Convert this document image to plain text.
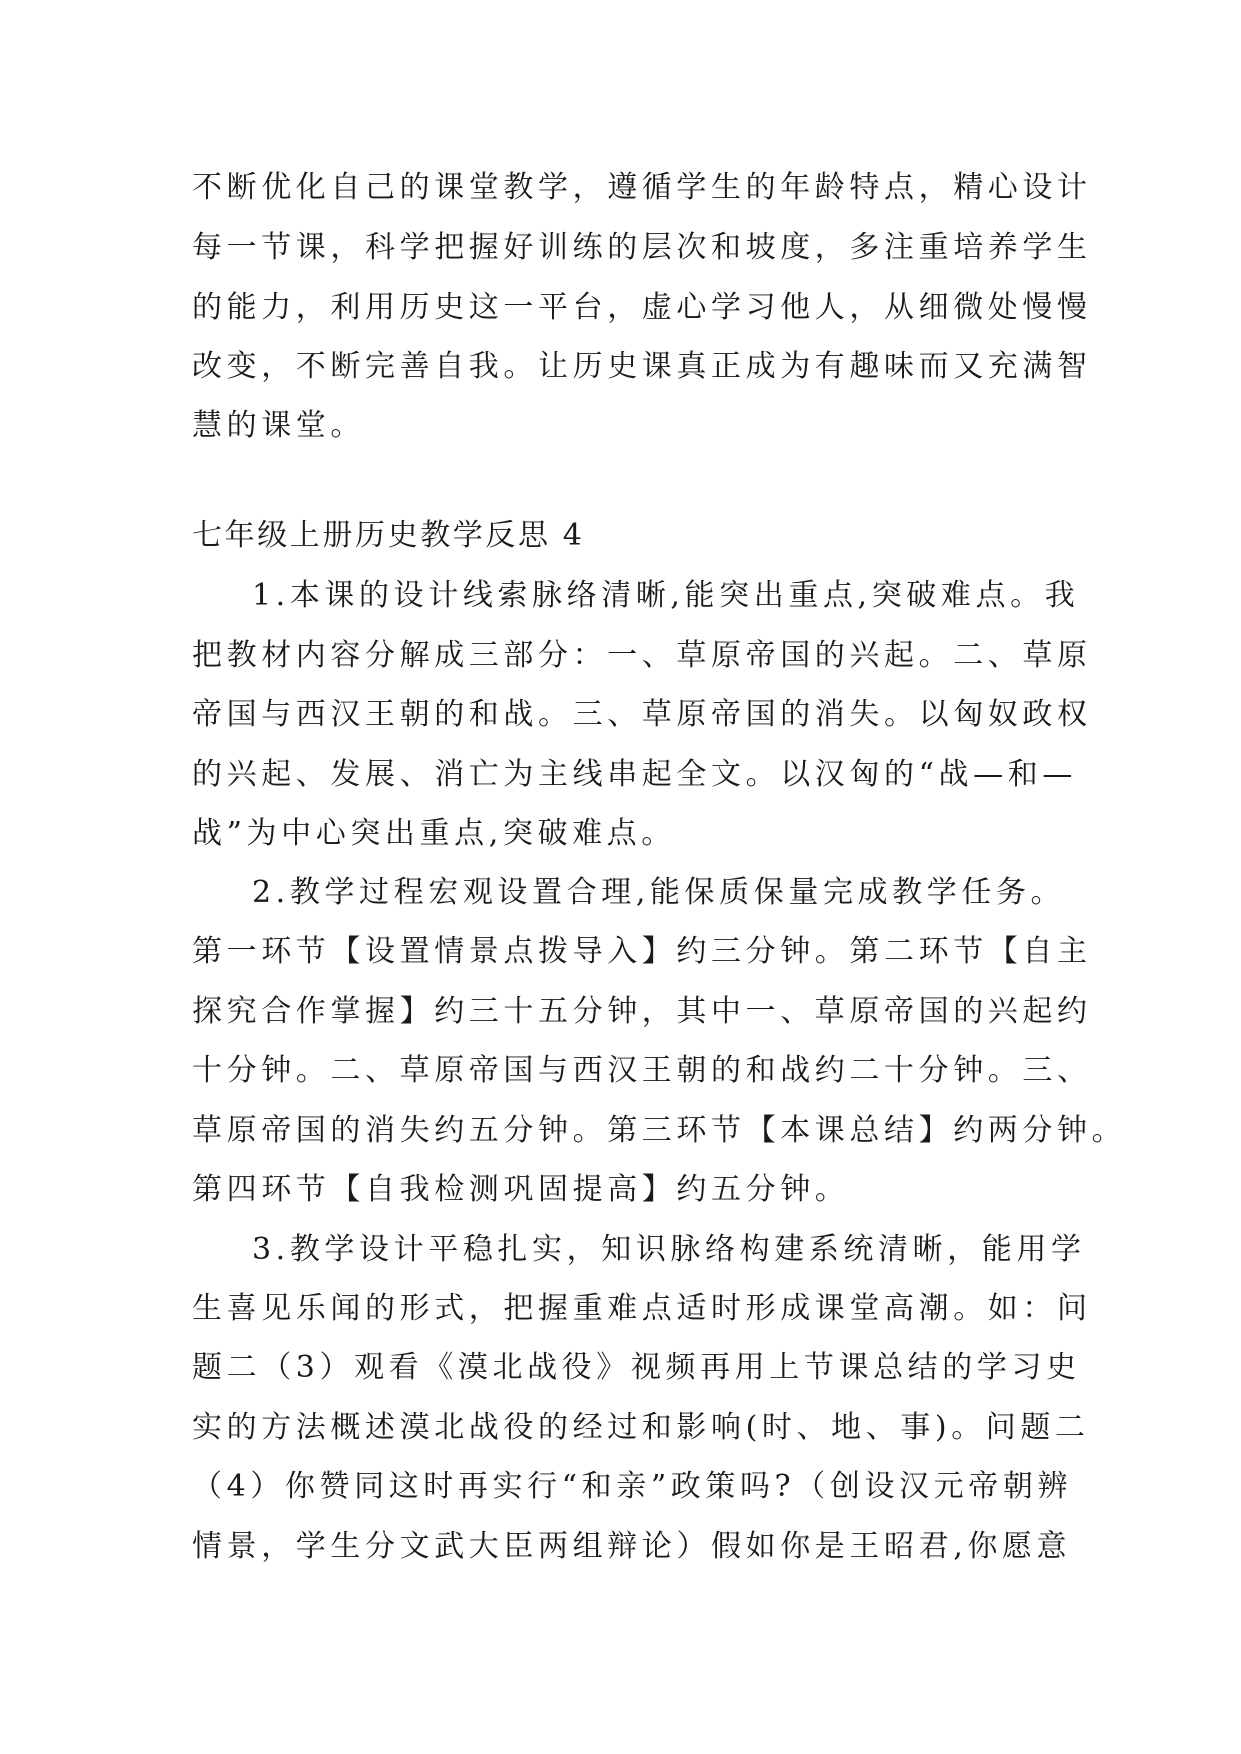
不断优化自己的课堂教学，遵循学生的年龄特点，精心设计
每一节课，科学把握好训练的层次和坡度，多注重培养学生
的能力，利用历史这一平台，虚心学习他人，从细微处慢慢
改变，不断完善自我。让历史课真正成为有趣味而又充满智
慧的课堂。
七年级上册历史教学反思 4
1.本课的设计线索脉络清晰,能突出重点,突破难点。我
把教材内容分解成三部分：一、草原帝国的兴起。二、草原
帝国与西汉王朝的和战。三、草原帝国的消失。以匈奴政权
的兴起、发展、消亡为主线串起全文。以汉匈的“战—和—
战”为中心突出重点,突破难点。
2.教学过程宏观设置合理,能保质保量完成教学任务。
第一环节【设置情景点拨导入】约三分钟。第二环节【自主
探究合作掌握】约三十五分钟，其中一、草原帝国的兴起约
十分钟。二、草原帝国与西汉王朝的和战约二十分钟。三、
草原帝国的消失约五分钟。第三环节【本课总结】约两分钟。
第四环节【自我检测巩固提高】约五分钟。
3.教学设计平稳扎实，知识脉络构建系统清晰，能用学
生喜见乐闻的形式，把握重难点适时形成课堂高潮。如：问
题二（3）观看《漠北战役》视频再用上节课总结的学习史
实的方法概述漠北战役的经过和影响(时、地、事)。问题二
（4）你赞同这时再实行“和亲”政策吗?（创设汉元帝朝辨
情景，学生分文武大臣两组辩论）假如你是王昭君,你愿意
